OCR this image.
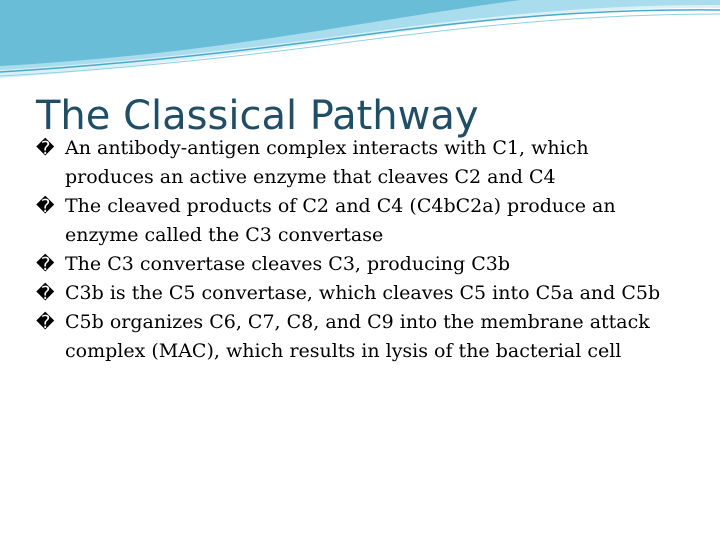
The Classical Pathway
� An antibody-antigen complex interacts with C1, which produces an active enzyme that cleaves C2 and C4
� The cleaved products of C2 and C4 (C4bC2a) produce an enzyme called the C3 convertase
� The C3 convertase cleaves C3, producing C3b
� C3b is the C5 convertase, which cleaves C5 into C5a and C5b
� C5b organizes C6, C7, C8, and C9 into the membrane attack complex (MAC), which results in lysis of the bacterial cell
